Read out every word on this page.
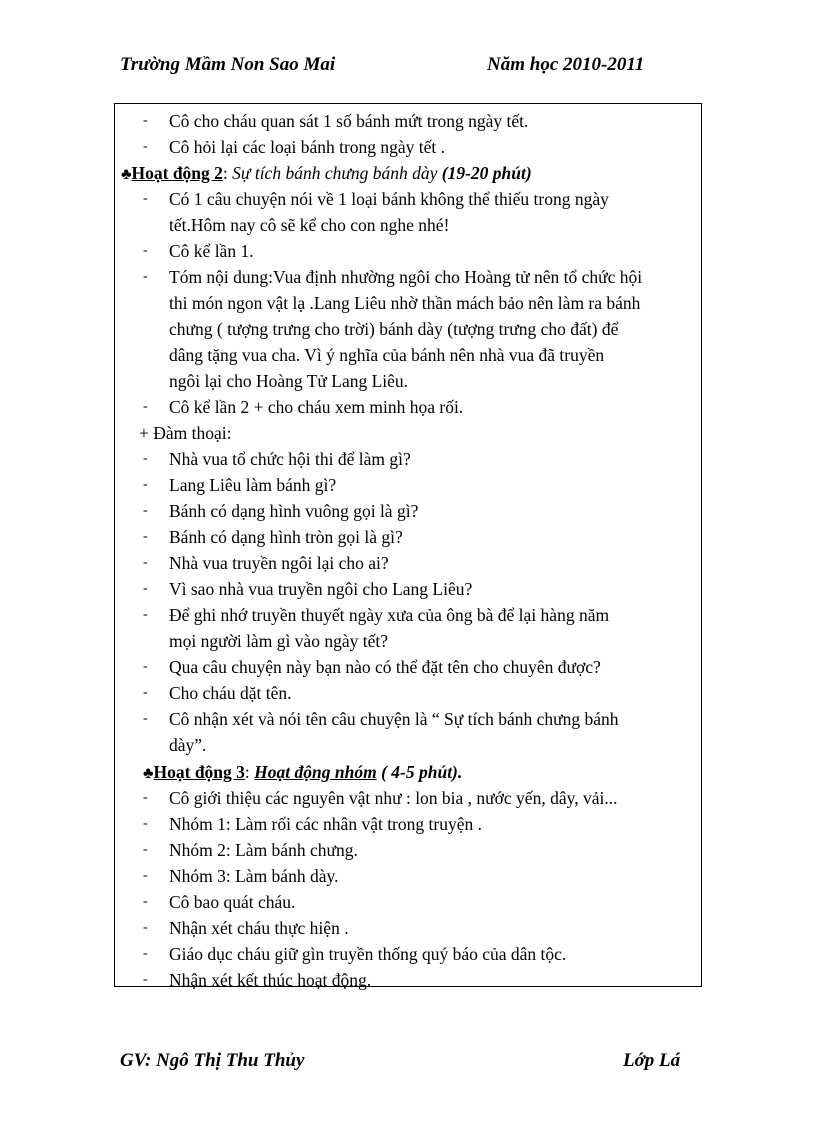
Trường Mầm Non Sao Mai	Năm học 2010-2011
- Cô cho cháu quan sát 1 số bánh mứt trong ngày tết.
- Cô hỏi lại các loại bánh trong ngày tết .
♣Hoạt động 2: Sự tích bánh chưng bánh dày (19-20 phút)
- Có 1 câu chuyện nói về 1 loại bánh không thể thiếu trong ngày
tết.Hôm nay cô sẽ kể cho con nghe nhé!
- Cô kể lần 1.
- Tóm nội dung:Vua định nhường ngôi cho Hoàng tử nên tổ chức hội
thi món ngon vật lạ .Lang Liêu nhờ thần mách bảo nên làm ra bánh
chưng ( tượng trưng cho trời) bánh dày (tượng trưng cho đất) để
dâng tặng vua cha. Vì ý nghĩa của bánh nên nhà vua đã truyền
ngôi lại cho Hoàng Tử Lang Liêu.
- Cô kể lần 2 + cho cháu xem minh họa rối.
+ Đàm thoại:
- Nhà vua tổ chức hội thi để làm gì?
- Lang Liêu làm bánh gì?
- Bánh có dạng hình vuông gọi là gì?
- Bánh có dạng hình tròn gọi là gì?
- Nhà vua truyền ngôi lại cho ai?
- Vì sao nhà vua truyền ngôi cho Lang Liêu?
- Để ghi nhớ truyền thuyết ngày xưa của ông bà để lại hàng năm
mọi người làm gì vào ngày tết?
- Qua câu chuyện này bạn nào có thể đặt tên cho chuyên được?
- Cho cháu dặt tên.
- Cô nhận xét và nói tên câu chuyện là “ Sự tích bánh chưng bánh
dày”.
♣Hoạt động 3: Hoạt động nhóm ( 4-5 phút).
- Cô giới thiệu các nguyên vật như : lon bia , nước yến, dây, vải...
- Nhóm 1: Làm rối các nhân vật trong truyện .
- Nhóm 2: Làm bánh chưng.
- Nhóm 3: Làm bánh dày.
- Cô bao quát cháu.
- Nhận xét cháu thực hiện .
- Giáo dục cháu giữ gìn truyền thống quý báo của dân tộc.
- Nhận xét kết thúc hoạt động.
GV: Ngô Thị Thu Thủy	Lớp Lá
